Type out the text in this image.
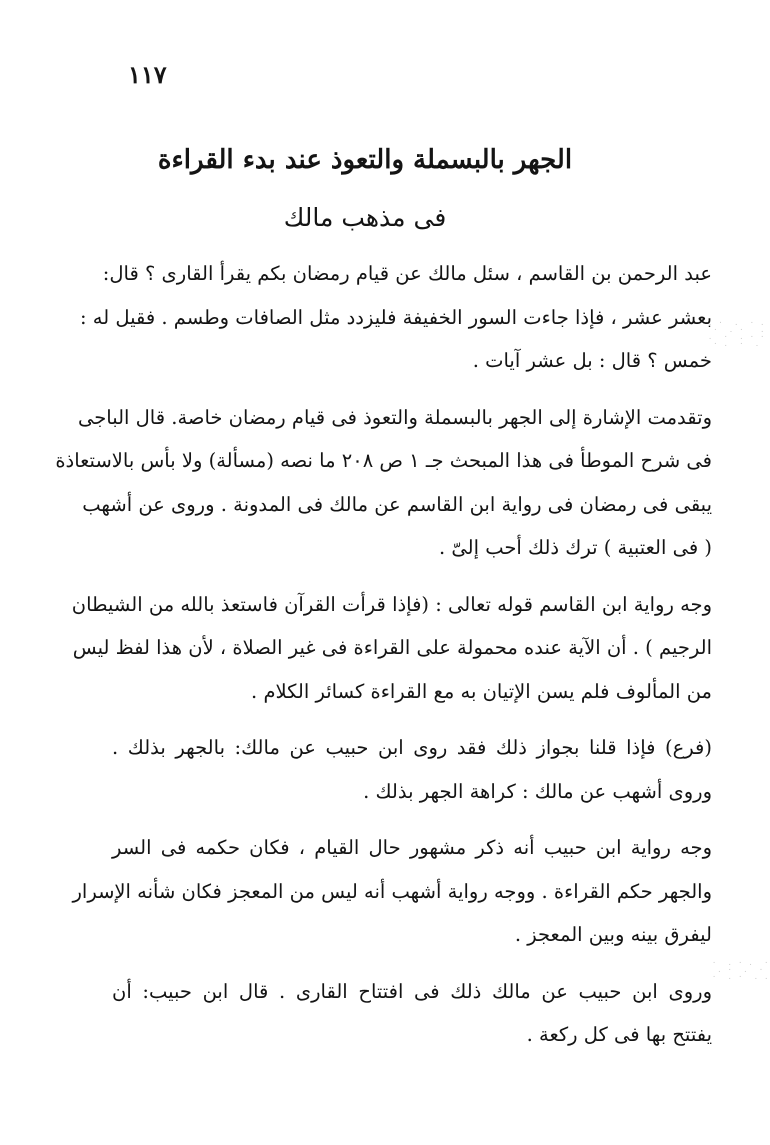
١١٧
الجهر بالبسملة والتعوذ عند بدء القراءة
فى مذهب مالك
عبد الرحمن بن القاسم ، سئل مالك عن قيام رمضان بكم يقرأ القارى ؟ قال:
بعشر عشر ، فإذا جاءت السور الخفيفة فليزدد مثل الصافات وطسم . فقيل له :
خمس ؟ قال : بل عشر آيات .
وتقدمت الإشارة إلى الجهر بالبسملة والتعوذ فى قيام رمضان خاصة. قال الباجى
فى شرح الموطأ فى هذا المبحث جـ ١ ص ٢٠٨ ما نصه (مسألة) ولا بأس بالاستعاذة
يبقى فى رمضان فى رواية ابن القاسم عن مالك فى المدونة . وروى عن أشهب
( فى العتبية ) ترك ذلك أحب إلىّ .
وجه رواية ابن القاسم قوله تعالى : (فإذا قرأت القرآن فاستعذ بالله من الشيطان
الرجيم ) . أن الآية عنده محمولة على القراءة فى غير الصلاة ، لأن هذا لفظ ليس
من المألوف فلم يسن الإتيان به مع القراءة كسائر الكلام .
(فرع) فإذا قلنا بجواز ذلك فقد روى ابن حبيب عن مالك: بالجهر بذلك .
وروى أشهب عن مالك : كراهة الجهر بذلك .
وجه رواية ابن حبيب أنه ذكر مشهور حال القيام ، فكان حكمه فى السر
والجهر حكم القراءة . ووجه رواية أشهب أنه ليس من المعجز فكان شأنه الإسرار
ليفرق بينه وبين المعجز .
وروى ابن حبيب عن مالك ذلك فى افتتاح القارى . قال ابن حبيب: أن
يفتتح بها فى كل ركعة .
. ·  .  · .
·  . ·   .
.  ·  . · ·
· .  ·  .
·  . · .  ·
. ·  .  ·
·  . ·  . .
